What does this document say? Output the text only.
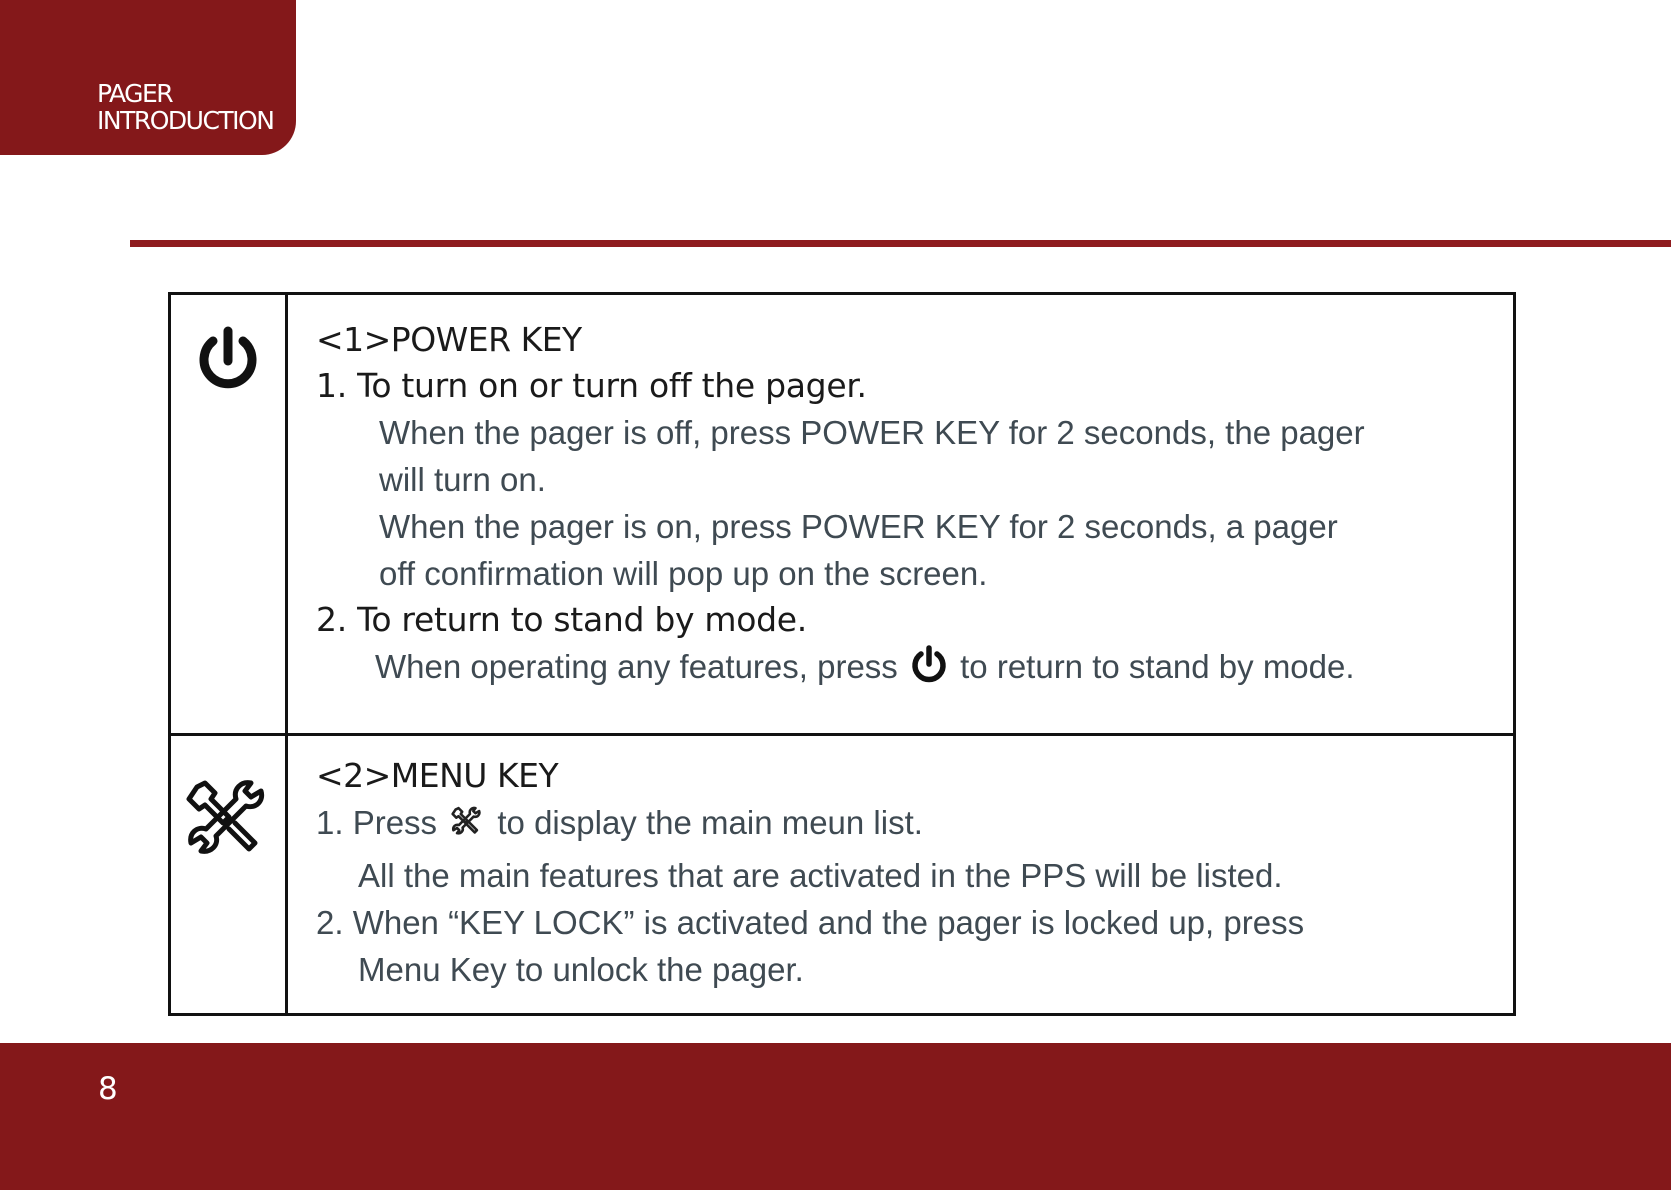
PAGER
INTRODUCTION
<1>POWER KEY
1. To turn on or turn off the pager.
When the pager is off, press POWER KEY for 2 seconds, the pager
will turn on.
When the pager is on, press POWER KEY for 2 seconds, a pager
off confirmation will pop up on the screen.
2. To return to stand by mode.
When operating any features, press to return to stand by mode.
<2>MENU KEY
1. Press to display the main meun list.
All the main features that are activated in the PPS will be listed.
2. When “KEY LOCK” is activated and the pager is locked up, press
Menu Key to unlock the pager.
8
